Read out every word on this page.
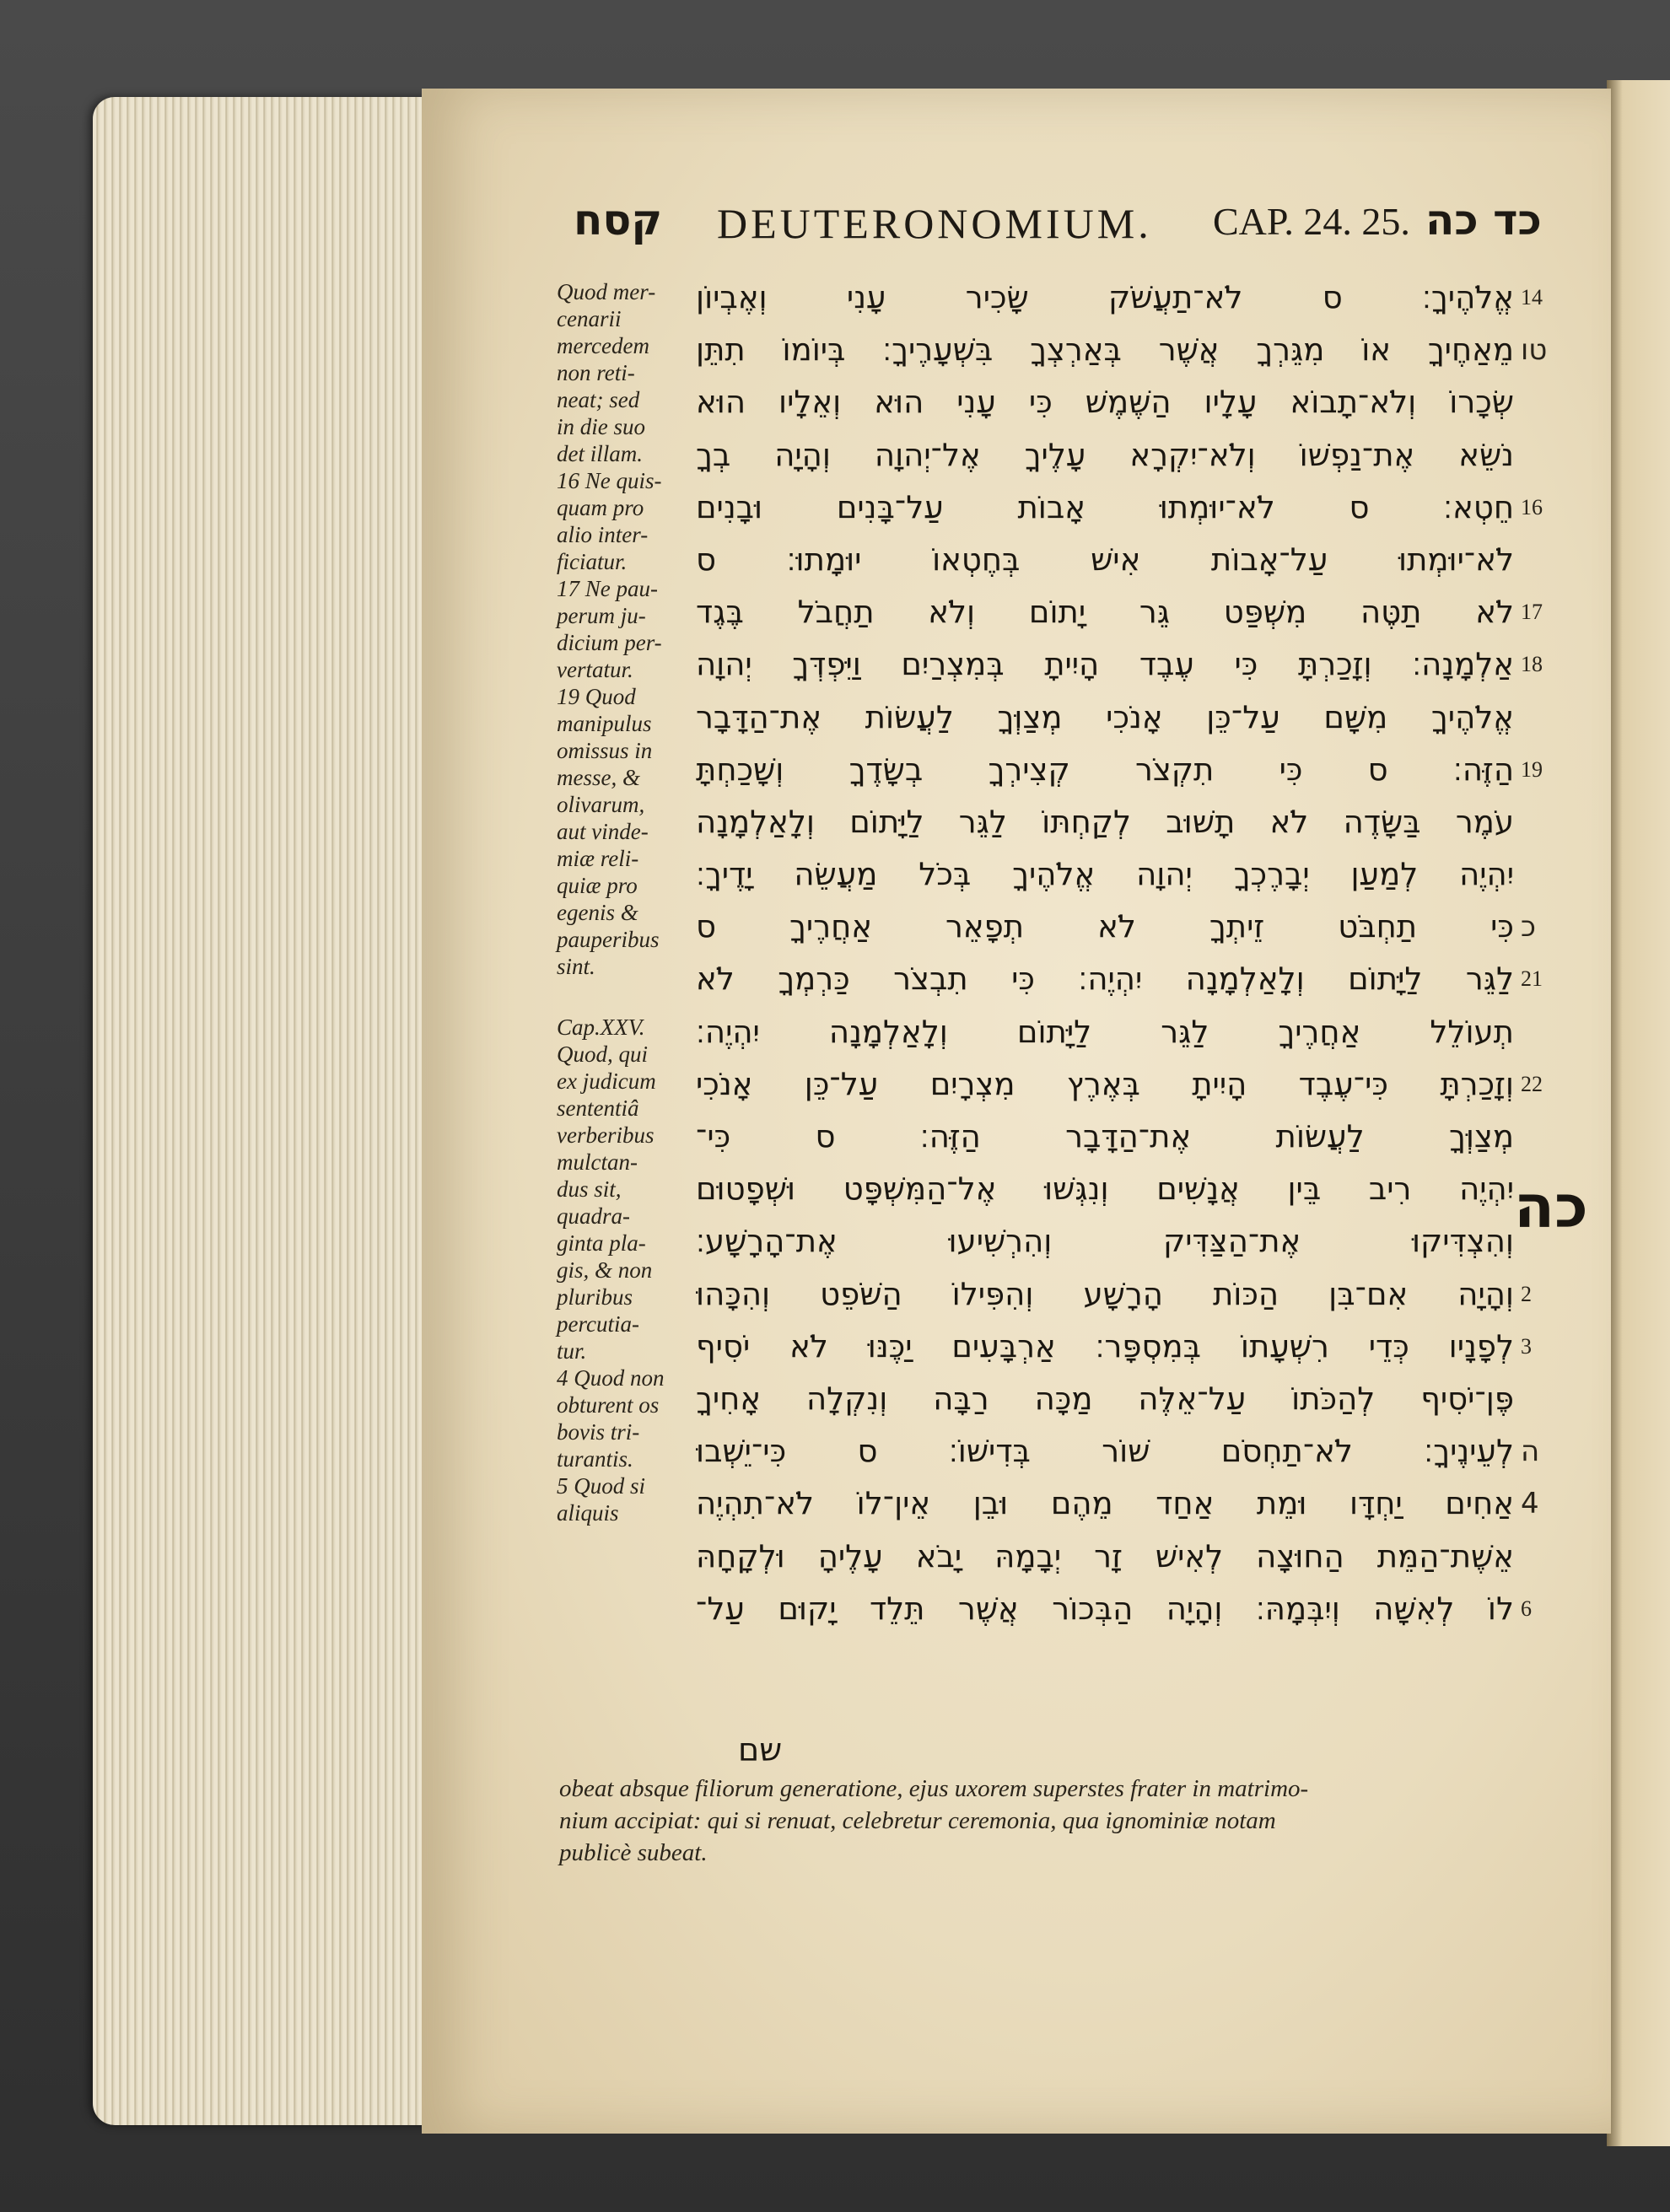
קסח DEUTERONOMIUM. CAP. 24. 25. כד כה
Quod mer-
cenarii
mercedem
non reti-
neat; sed
in die suo
det illam.
16 Ne quis-
quam pro
alio inter-
ficiatur.
17 Ne pau-
perum ju-
dicium per-
vertatur.
19 Quod
manipulus
omissus in
messe, &
olivarum,
aut vinde-
miæ reli-
quiæ pro
egenis &
pauperibus
sint.
Cap.XXV.
Quod, qui
ex judicum
sententiâ
verberibus
mulctan-
dus sit,
quadra-
ginta pla-
gis, & non
pluribus
percutia-
tur.
4 Quod non
obturent os
bovis tri-
turantis.
5 Quod si
aliquis
אֱלֹהֶיךָ׃ ס לֹא־תַעֲשֹׁק שָׂכִיר עָנִי וְאֶבְיוֹן
מֵאַחֶיךָ אוֹ מִגֵּרְךָ אֲשֶׁר בְּאַרְצְךָ בִּשְׁעָרֶיךָ׃ בְּיוֹמוֹ תִתֵּן
שְׂכָרוֹ וְלֹא־תָבוֹא עָלָיו הַשֶּׁמֶשׁ כִּי עָנִי הוּא וְאֵלָיו הוּא
נֹשֵׂא אֶת־נַפְשׁוֹ וְלֹא־יִקְרָא עָלֶיךָ אֶל־יְהוָה וְהָיָה בְךָ
חֵטְא׃ ס לֹא־יוּמְתוּ אָבוֹת עַל־בָּנִים וּבָנִים
לֹא־יוּמְתוּ עַל־אָבוֹת אִישׁ בְּחֶטְאוֹ יוּמָתוּ׃ ס
לֹא תַטֶּה מִשְׁפַּט גֵּר יָתוֹם וְלֹא תַחֲבֹל בֶּגֶד
אַלְמָנָה׃ וְזָכַרְתָּ כִּי עֶבֶד הָיִיתָ בְּמִצְרַיִם וַיִּפְדְּךָ יְהוָה
אֱלֹהֶיךָ מִשָּׁם עַל־כֵּן אָנֹכִי מְצַוְּךָ לַעֲשׂוֹת אֶת־הַדָּבָר
הַזֶּה׃ ס כִּי תִקְצֹר קְצִירְךָ בְשָׂדֶךָ וְשָׁכַחְתָּ
עֹמֶר בַּשָּׂדֶה לֹא תָשׁוּב לְקַחְתּוֹ לַגֵּר לַיָּתוֹם וְלָאַלְמָנָה
יִהְיֶה לְמַעַן יְבָרֶכְךָ יְהוָה אֱלֹהֶיךָ בְּכֹל מַעֲשֵׂה יָדֶיךָ׃
כִּי תַחְבֹּט זֵיתְךָ לֹא תְפָאֵר אַחֲרֶיךָ ס
לַגֵּר לַיָּתוֹם וְלָאַלְמָנָה יִהְיֶה׃ כִּי תִבְצֹר כַּרְמְךָ לֹא
תְעוֹלֵל אַחֲרֶיךָ לַגֵּר לַיָּתוֹם וְלָאַלְמָנָה יִהְיֶה׃
וְזָכַרְתָּ כִּי־עֶבֶד הָיִיתָ בְּאֶרֶץ מִצְרָיִם עַל־כֵּן אָנֹכִי
מְצַוְּךָ לַעֲשׂוֹת אֶת־הַדָּבָר הַזֶּה׃ ס כִּי־
יִהְיֶה רִיב בֵּין אֲנָשִׁים וְנִגְּשׁוּ אֶל־הַמִּשְׁפָּט וּשְׁפָטוּם
וְהִצְדִּיקוּ אֶת־הַצַּדִּיק וְהִרְשִׁיעוּ אֶת־הָרָשָׁע׃
וְהָיָה אִם־בִּן הַכּוֹת הָרָשָׁע וְהִפִּילוֹ הַשֹּׁפֵט וְהִכָּהוּ
לְפָנָיו כְּדֵי רִשְׁעָתוֹ בְּמִסְפָּר׃ אַרְבָּעִים יַכֶּנּוּ לֹא יֹסִיף
פֶּן־יֹסִיף לְהַכֹּתוֹ עַל־אֵלֶּה מַכָּה רַבָּה וְנִקְלָה אָחִיךָ
לְעֵינֶיךָ׃ לֹא־תַחְסֹם שׁוֹר בְּדִישׁוֹ׃ ס כִּי־יֵשְׁבוּ
אַחִים יַחְדָּו וּמֵת אַחַד מֵהֶם וּבֵן אֵין־לוֹ לֹא־תִהְיֶה
אֵשֶׁת־הַמֵּת הַחוּצָה לְאִישׁ זָר יְבָמָהּ יָבֹא עָלֶיהָ וּלְקָחָהּ
לוֹ לְאִשָּׁה וְיִבְּמָהּ׃ וְהָיָה הַבְּכוֹר אֲשֶׁר תֵּלֵד יָקוּם עַל־
14
טו
16
17
18
19
כ
21
22
2
3
ה 4
6
כה
שם
obeat absque filiorum generatione, ejus uxorem superstes frater in matrimo-
nium accipiat: qui si renuat, celebretur ceremonia, qua ignominiæ notam
publicè subeat.
